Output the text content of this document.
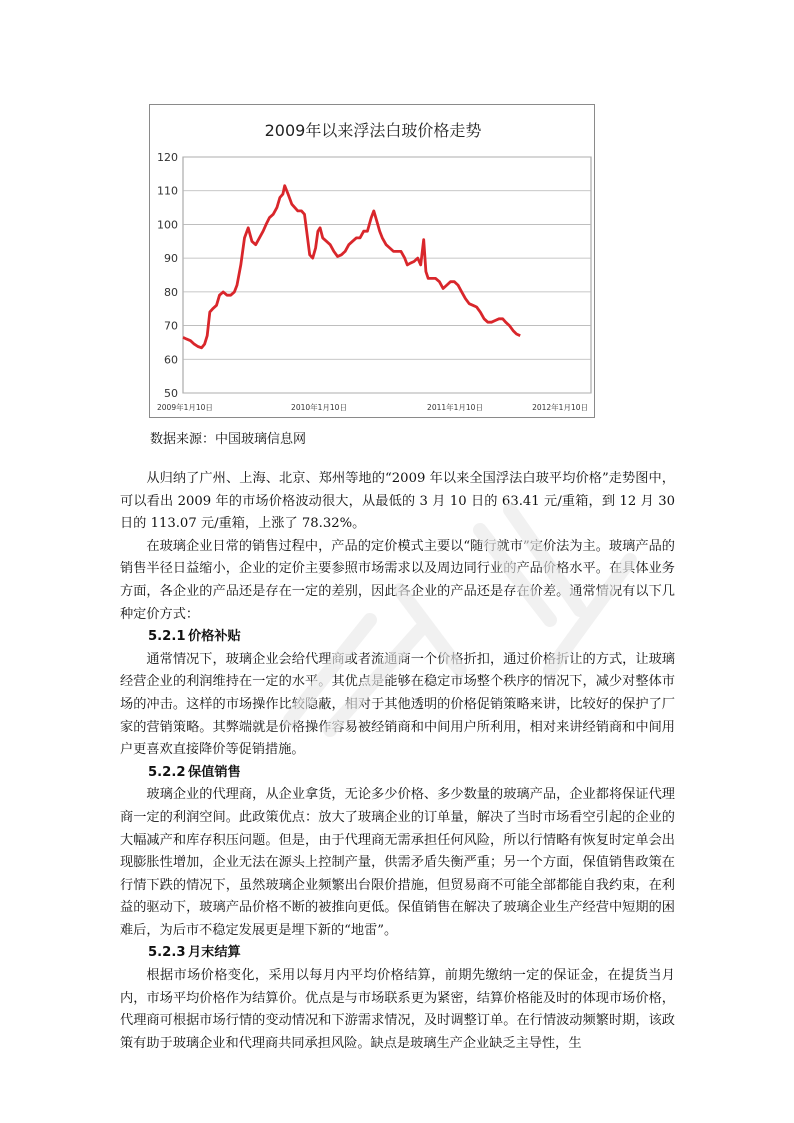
2009年以来浮法白玻价格走势
50
60
70
80
90
100
110
120
2009年1月10日	2010年1月10日	2011年1月10日	2012年1月10日
数据来源：中国玻璃信息网

从归纳了广州、上海、北京、郑州等地的“2009 年以来全国浮法白玻平均价格”走势图中，可以看出 2009 年的市场价格波动很大，从最低的 3 月 10 日的 63.41 元/重箱，到 12 月 30 日的 113.07 元/重箱，上涨了 78.32%。

在玻璃企业日常的销售过程中，产品的定价模式主要以“随行就市”定价法为主。玻璃产品的销售半径日益缩小，企业的定价主要参照市场需求以及周边同行业的产品价格水平。在具体业务方面，各企业的产品还是存在一定的差别，因此各企业的产品还是存在价差。通常情况有以下几种定价方式：

5.2.1 价格补贴

通常情况下，玻璃企业会给代理商或者流通商一个价格折扣，通过价格折让的方式，让玻璃经营企业的利润维持在一定的水平。其优点是能够在稳定市场整个秩序的情况下，减少对整体市场的冲击。这样的市场操作比较隐蔽，相对于其他透明的价格促销策略来讲，比较好的保护了厂家的营销策略。其弊端就是价格操作容易被经销商和中间用户所利用，相对来讲经销商和中间用户更喜欢直接降价等促销措施。

5.2.2 保值销售

玻璃企业的代理商，从企业拿货，无论多少价格、多少数量的玻璃产品，企业都将保证代理商一定的利润空间。此政策优点：放大了玻璃企业的订单量，解决了当时市场看空引起的企业的大幅减产和库存积压问题。但是，由于代理商无需承担任何风险，所以行情略有恢复时定单会出现膨胀性增加，企业无法在源头上控制产量，供需矛盾失衡严重；另一个方面，保值销售政策在行情下跌的情况下，虽然玻璃企业频繁出台限价措施，但贸易商不可能全部都能自我约束，在利益的驱动下，玻璃产品价格不断的被推向更低。保值销售在解决了玻璃企业生产经营中短期的困难后，为后市不稳定发展更是埋下新的“地雷”。

5.2.3 月末结算

根据市场价格变化，采用以每月内平均价格结算，前期先缴纳一定的保证金，在提货当月内，市场平均价格作为结算价。优点是与市场联系更为紧密，结算价格能及时的体现市场价格，代理商可根据市场行情的变动情况和下游需求情况，及时调整订单。在行情波动频繁时期，该政策有助于玻璃企业和代理商共同承担风险。缺点是玻璃生产企业缺乏主导性，生
